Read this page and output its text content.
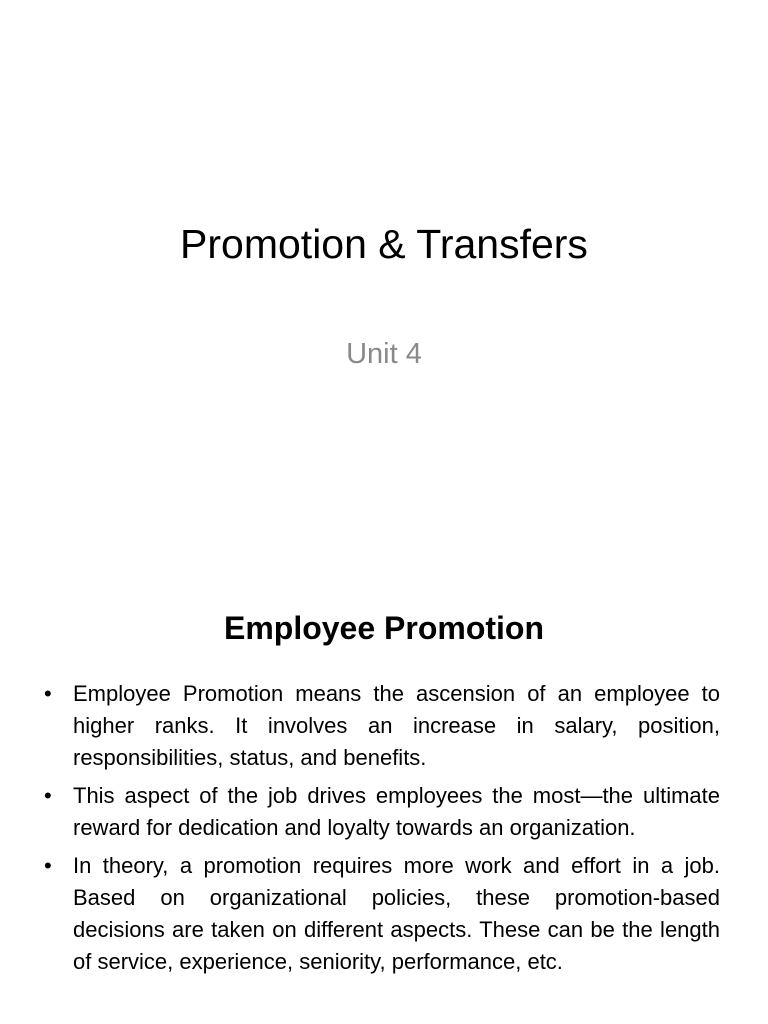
Promotion & Transfers
Unit 4
Employee Promotion
• Employee Promotion means the ascension of an employee to higher ranks. It involves an increase in salary, position, responsibilities, status, and benefits.
• This aspect of the job drives employees the most—the ultimate reward for dedication and loyalty towards an organization.
• In theory, a promotion requires more work and effort in a job. Based on organizational policies, these promotion-based decisions are taken on different aspects. These can be the length of service, experience, seniority, performance, etc.
